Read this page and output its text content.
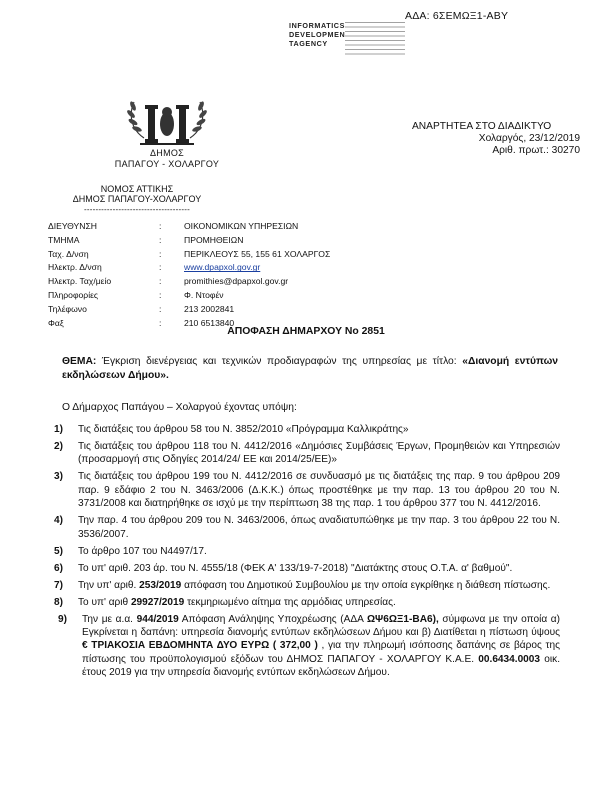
ΑΔΑ: 6ΣΕΜΩΞ1-ΑΒΥ
INFORMATICS
DEVELOPMEN
TAGENCY
ΔΗΜΟΣ
ΠΑΠΑΓΟΥ - ΧΟΛΑΡΓΟΥ
ΑΝΑΡΤΗΤΕΑ ΣΤΟ ΔΙΑΔΙΚΤΥΟ
Χολαργός, 23/12/2019
Αριθ. πρωτ.: 30270
ΝΟΜΟΣ ΑΤΤΙΚΗΣ
ΔΗΜΟΣ ΠΑΠΑΓΟΥ-ΧΟΛΑΡΓΟΥ
-------------------------------------
ΔΙΕΥΘΥΝΣΗ	:	ΟΙΚΟΝΟΜΙΚΩΝ ΥΠΗΡΕΣΙΩΝ
ΤΜΗΜΑ	:	ΠΡΟΜΗΘΕΙΩΝ
Ταχ. Δ/νση	:	ΠΕΡΙΚΛΕΟΥΣ 55, 155 61 ΧΟΛΑΡΓΟΣ
Ηλεκτρ. Δ/νση	:	www.dpapxol.gov.gr
Ηλεκτρ. Ταχ/μείο	:	promithies@dpapxol.gov.gr
Πληροφορίες	:	Φ. Ντοφέν
Τηλέφωνο	:	213 2002841
Φαξ	:	210 6513840
ΑΠΟΦΑΣΗ ΔΗΜΑΡΧΟΥ Νο 2851
ΘΕΜΑ: Έγκριση διενέργειας και τεχνικών προδιαγραφών της υπηρεσίας με τίτλο: «Διανομή εντύπων εκδηλώσεων Δήμου».
Ο Δήμαρχος Παπάγου – Χολαργού έχοντας υπόψη:
1)	Τις διατάξεις του άρθρου 58 του Ν. 3852/2010 «Πρόγραμμα Καλλικράτης»
2)	Τις διατάξεις του άρθρου 118 του Ν. 4412/2016 «Δημόσιες Συμβάσεις Έργων, Προμηθειών και Υπηρεσιών (προσαρμογή στις Οδηγίες 2014/24/ ΕΕ και 2014/25/ΕΕ)»
3)	Τις διατάξεις του άρθρου 199 του Ν. 4412/2016 σε συνδυασμό με τις διατάξεις της παρ. 9 του άρθρου 209 παρ. 9 εδάφιο 2 του Ν. 3463/2006 (Δ.Κ.Κ.) όπως προστέθηκε με την παρ. 13 του άρθρου 20 του Ν. 3731/2008 και διατηρήθηκε σε ισχύ με την περίπτωση 38 της παρ. 1 του άρθρου 377 του Ν. 4412/2016.
4)	Την παρ. 4 του άρθρου 209 του Ν. 3463/2006, όπως αναδιατυπώθηκε με την παρ. 3 του άρθρου 22 του Ν. 3536/2007.
5)	Το άρθρο 107 του Ν4497/17.
6)	Το υπ' αριθ. 203 άρ. του Ν. 4555/18 (ΦΕΚ Α' 133/19-7-2018) "Διατάκτης στους Ο.Τ.Α. α' βαθμού".
7)	Την υπ' αριθ. 253/2019 απόφαση του Δημοτικού Συμβουλίου με την οποία εγκρίθηκε η διάθεση πίστωσης.
8)	Το υπ' αριθ 29927/2019 τεκμηριωμένο αίτημα της αρμόδιας υπηρεσίας.
9)	Την με α.α. 944/2019 Απόφαση Ανάληψης Υποχρέωσης (ΑΔΑ ΩΨ6ΩΞ1-ΒΑ6), σύμφωνα με την οποία α) Εγκρίνεται η δαπάνη: υπηρεσία διανομής εντύπων εκδηλώσεων Δήμου και β) Διατίθεται η πίστωση ύψους € ΤΡΙΑΚΟΣΙΑ ΕΒΔΟΜΗΝΤΑ ΔΥΟ ΕΥΡΩ ( 372,00 ) , για την πληρωμή ισόποσης δαπάνης σε βάρος της πίστωσης του προϋπολογισμού εξόδων του ΔΗΜΟΣ ΠΑΠΑΓΟΥ - ΧΟΛΑΡΓΟΥ Κ.Α.Ε. 00.6434.0003 οικ. έτους 2019 για την υπηρεσία διανομής εντύπων εκδηλώσεων Δήμου.
